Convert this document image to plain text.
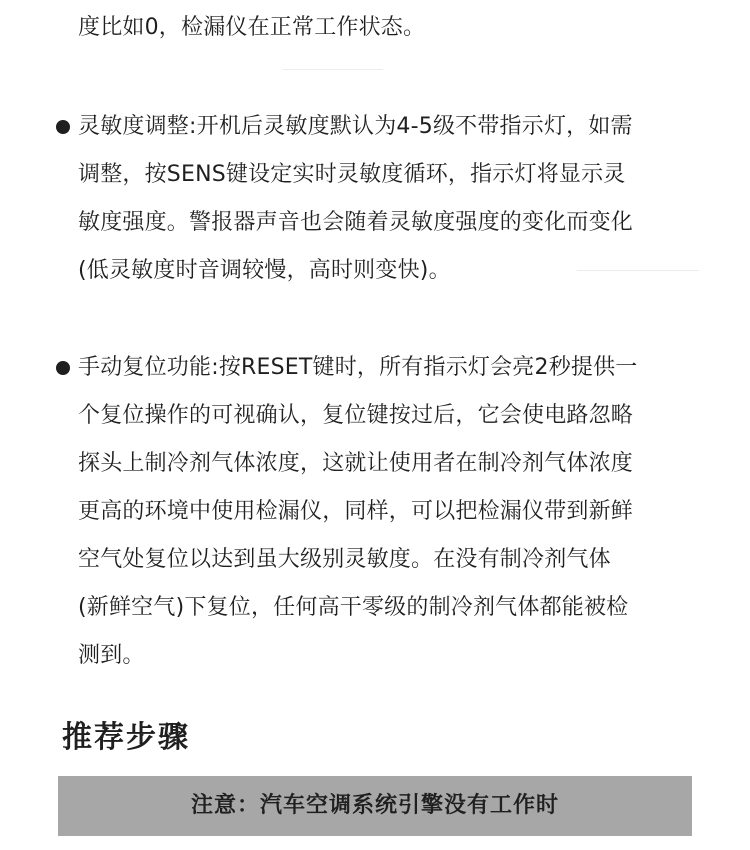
度比如0，检漏仪在正常工作状态。
灵敏度调整:开机后灵敏度默认为4-5级不带指示灯，如需
调整，按SENS键设定实时灵敏度循环，指示灯将显示灵
敏度强度。警报器声音也会随着灵敏度强度的变化而变化
(低灵敏度时音调较慢，高时则变快)。
手动复位功能:按RESET键时，所有指示灯会亮2秒提供一
个复位操作的可视确认，复位键按过后，它会使电路忽略
探头上制冷剂气体浓度，这就让使用者在制冷剂气体浓度
更高的环境中使用检漏仪，同样，可以把检漏仪带到新鲜
空气处复位以达到虽大级别灵敏度。在没有制冷剂气体
(新鲜空气)下复位，任何高干零级的制冷剂气体都能被检
测到。
推荐步骤
注意：汽车空调系统引擎没有工作时
